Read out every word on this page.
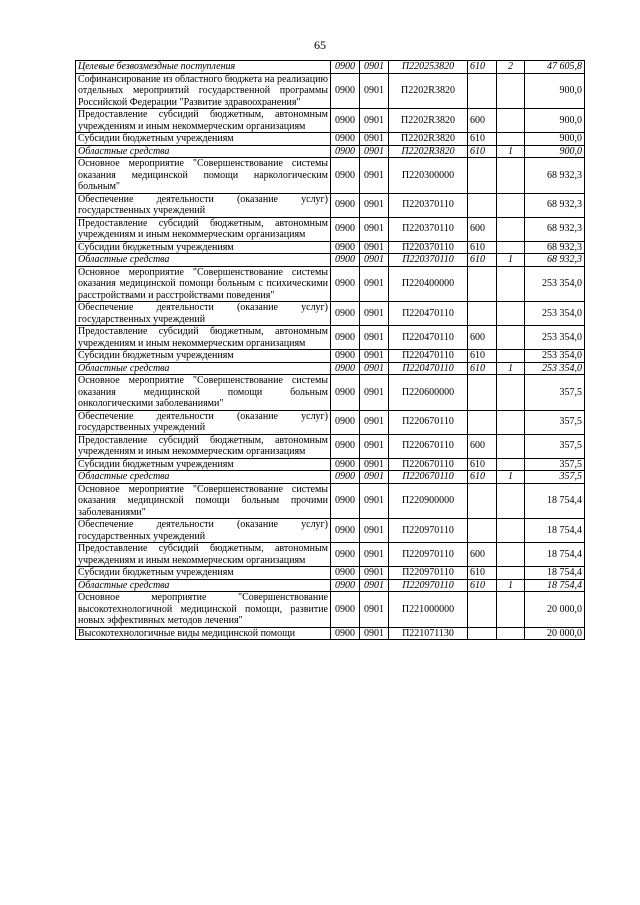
65
Целевые безвозмездные поступления	0900	0901	П220253820	610	2	47 605,8
Софинансирование из областного бюджета на реализацию отдельных мероприятий государственной программы Российской Федерации "Развитие здравоохранения"	0900	0901	П2202R3820			900,0
Предоставление субсидий бюджетным, автономным учреждениям и иным некоммерческим организациям	0900	0901	П2202R3820	600		900,0
Субсидии бюджетным учреждениям	0900	0901	П2202R3820	610		900,0
Областные средства	0900	0901	П2202R3820	610	1	900,0
Основное мероприятие "Совершенствование системы оказания медицинской помощи наркологическим больным"	0900	0901	П220300000			68 932,3
Обеспечение деятельности (оказание услуг) государственных учреждений	0900	0901	П220370110			68 932,3
Предоставление субсидий бюджетным, автономным учреждениям и иным некоммерческим организациям	0900	0901	П220370110	600		68 932,3
Субсидии бюджетным учреждениям	0900	0901	П220370110	610		68 932,3
Областные средства	0900	0901	П220370110	610	1	68 932,3
Основное мероприятие "Совершенствование системы оказания медицинской помощи больным с психическими расстройствами и расстройствами поведения"	0900	0901	П220400000			253 354,0
Обеспечение деятельности (оказание услуг) государственных учреждений	0900	0901	П220470110			253 354,0
Предоставление субсидий бюджетным, автономным учреждениям и иным некоммерческим организациям	0900	0901	П220470110	600		253 354,0
Субсидии бюджетным учреждениям	0900	0901	П220470110	610		253 354,0
Областные средства	0900	0901	П220470110	610	1	253 354,0
Основное мероприятие "Совершенствование системы оказания медицинской помощи больным онкологическими заболеваниями"	0900	0901	П220600000			357,5
Обеспечение деятельности (оказание услуг) государственных учреждений	0900	0901	П220670110			357,5
Предоставление субсидий бюджетным, автономным учреждениям и иным некоммерческим организациям	0900	0901	П220670110	600		357,5
Субсидии бюджетным учреждениям	0900	0901	П220670110	610		357,5
Областные средства	0900	0901	П220670110	610	1	357,5
Основное мероприятие "Совершенствование системы оказания медицинской помощи больным прочими заболеваниями"	0900	0901	П220900000			18 754,4
Обеспечение деятельности (оказание услуг) государственных учреждений	0900	0901	П220970110			18 754,4
Предоставление субсидий бюджетным, автономным учреждениям и иным некоммерческим организациям	0900	0901	П220970110	600		18 754,4
Субсидии бюджетным учреждениям	0900	0901	П220970110	610		18 754,4
Областные средства	0900	0901	П220970110	610	1	18 754,4
Основное мероприятие "Совершенствование высокотехнологичной медицинской помощи, развитие новых эффективных методов лечения"	0900	0901	П221000000			20 000,0
Высокотехнологичные виды медицинской помощи	0900	0901	П221071130			20 000,0
